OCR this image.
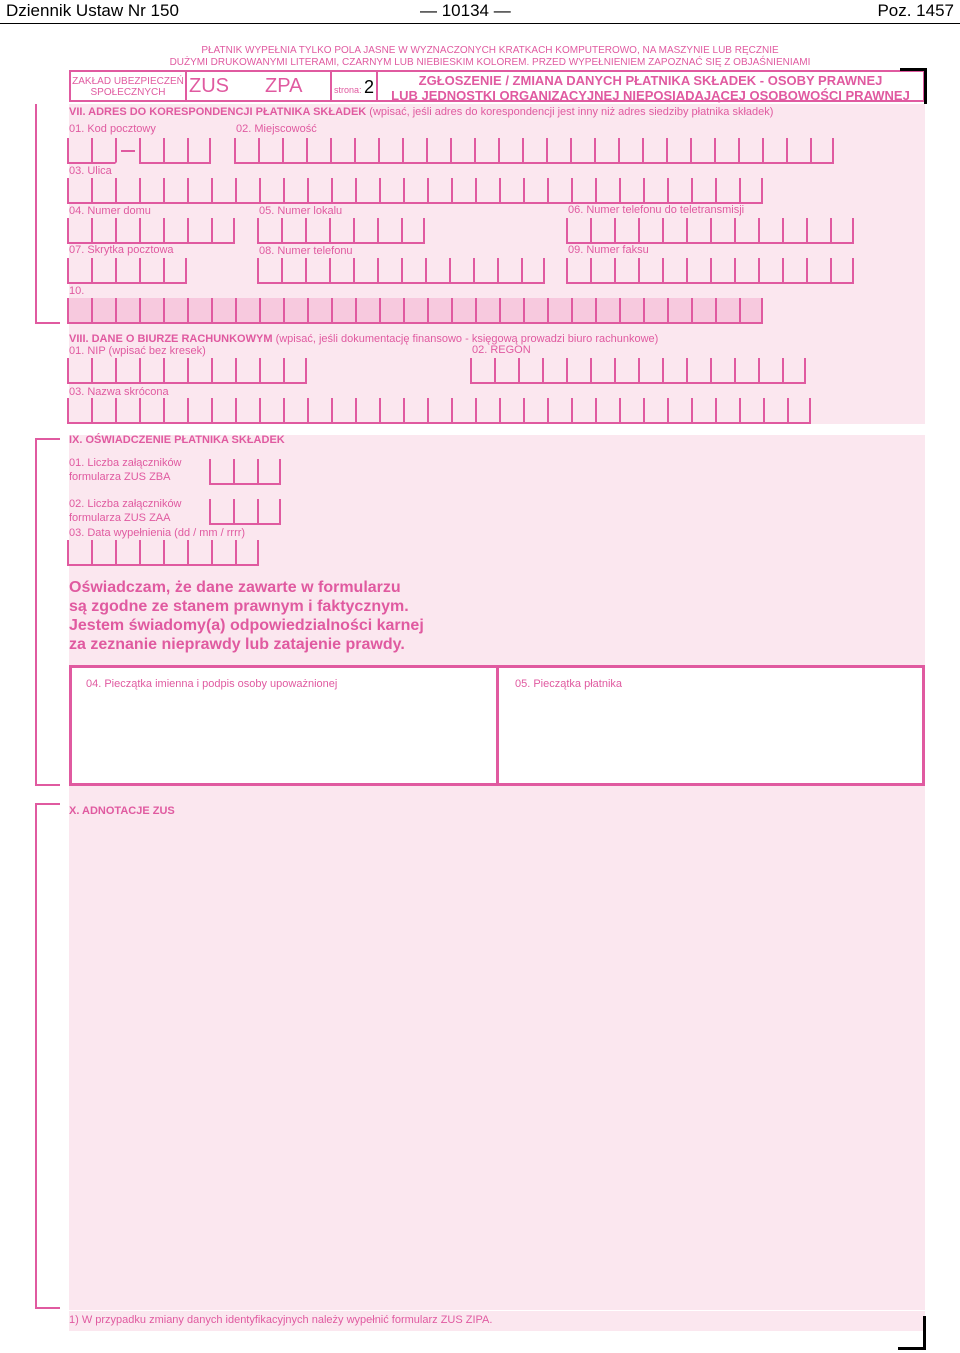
Dziennik Ustaw Nr 150	— 10134 —	Poz. 1457
PŁATNIK WYPEŁNIA TYLKO POLA JASNE W WYZNACZONYCH KRATKACH KOMPUTEROWO, NA MASZYNIE LUB RĘCZNIE
DUŻYMI DRUKOWANYMI LITERAMI, CZARNYM LUB NIEBIESKIM KOLOREM. PRZED WYPEŁNIENIEM ZAPOZNAĆ SIĘ Z OBJAŚNIENIAMI
ZAKŁAD UBEZPIECZEŃ
SPOŁECZNYCH	ZUS ZPA	strona: 2	ZGŁOSZENIE / ZMIANA DANYCH PŁATNIKA SKŁADEK - OSOBY PRAWNEJ
LUB JEDNOSTKI ORGANIZACYJNEJ NIEPOSIADAJĄCEJ OSOBOWOŚCI PRAWNEJ
VII. ADRES DO KORESPONDENCJI PŁATNIKA SKŁADEK (wpisać, jeśli adres do korespondencji jest inny niż adres siedziby płatnika składek)
01. Kod pocztowy	02. Miejscowość
03. Ulica
04. Numer domu	05. Numer lokalu	06. Numer telefonu do teletransmisji
07. Skrytka pocztowa	08. Numer telefonu	09. Numer faksu
10.
VIII. DANE O BIURZE RACHUNKOWYM (wpisać, jeśli dokumentację finansowo - księgową prowadzi biuro rachunkowe)
01. NIP (wpisać bez kresek)	02. REGON
03. Nazwa skrócona
IX. OŚWIADCZENIE PŁATNIKA SKŁADEK
01. Liczba załączników
formularza ZUS ZBA
02. Liczba załączników
formularza ZUS ZAA
03. Data wypełnienia (dd / mm / rrrr)
Oświadczam, że dane zawarte w formularzu
są zgodne ze stanem prawnym i faktycznym.
Jestem świadomy(a) odpowiedzialności karnej
za zeznanie nieprawdy lub zatajenie prawdy.
04. Pieczątka imienna i podpis osoby upoważnionej	05. Pieczątka płatnika
X. ADNOTACJE ZUS
1) W przypadku zmiany danych identyfikacyjnych należy wypełnić formularz ZUS ZIPA.
